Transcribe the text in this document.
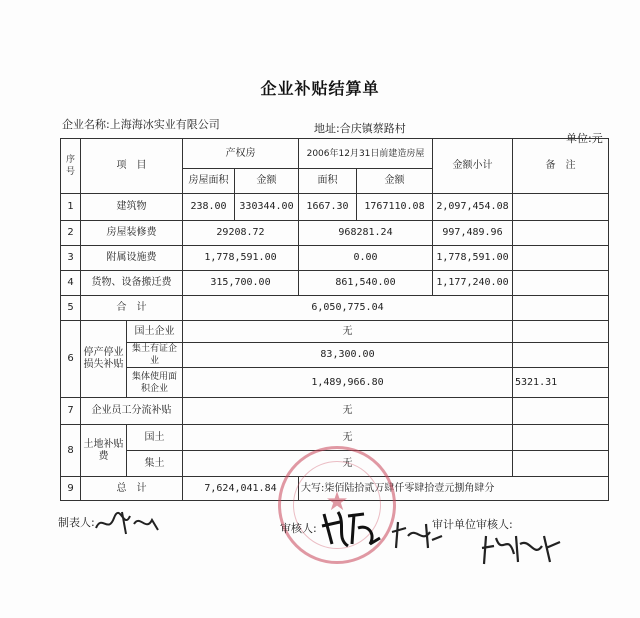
企业补贴结算单
企业名称:上海海冰实业有限公司	地址:合庆镇蔡路村
单位:元
序号	项　目		产权房		2006年12月31日前建造房屋		金额小计	备　注
			房屋面积	金额	面积	金额		
1	建筑物		238.00	330344.00	1667.30	1767110.08	2,097,454.08	
2	房屋装修费		29208.72		968281.24		997,489.96	
3	附属设施费		1,778,591.00		0.00		1,778,591.00	
4	货物、设备搬迁费		315,700.00		861,540.00		1,177,240.00	
5	合　计		6,050,775.04					
6	停产停业损失补贴	国土企业	无					
		集土有证企业	83,300.00					
		集体使用面积企业	1,489,966.80					5321.31
7	企业员工分流补贴		无					
8	土地补贴费	国土	无					
		集土	无					
9	总　计		7,624,041.84		大写:柒佰陆拾贰万肆仟零肆拾壹元捌角肆分			
★
制表人:	审核人:	审计单位审核人:
